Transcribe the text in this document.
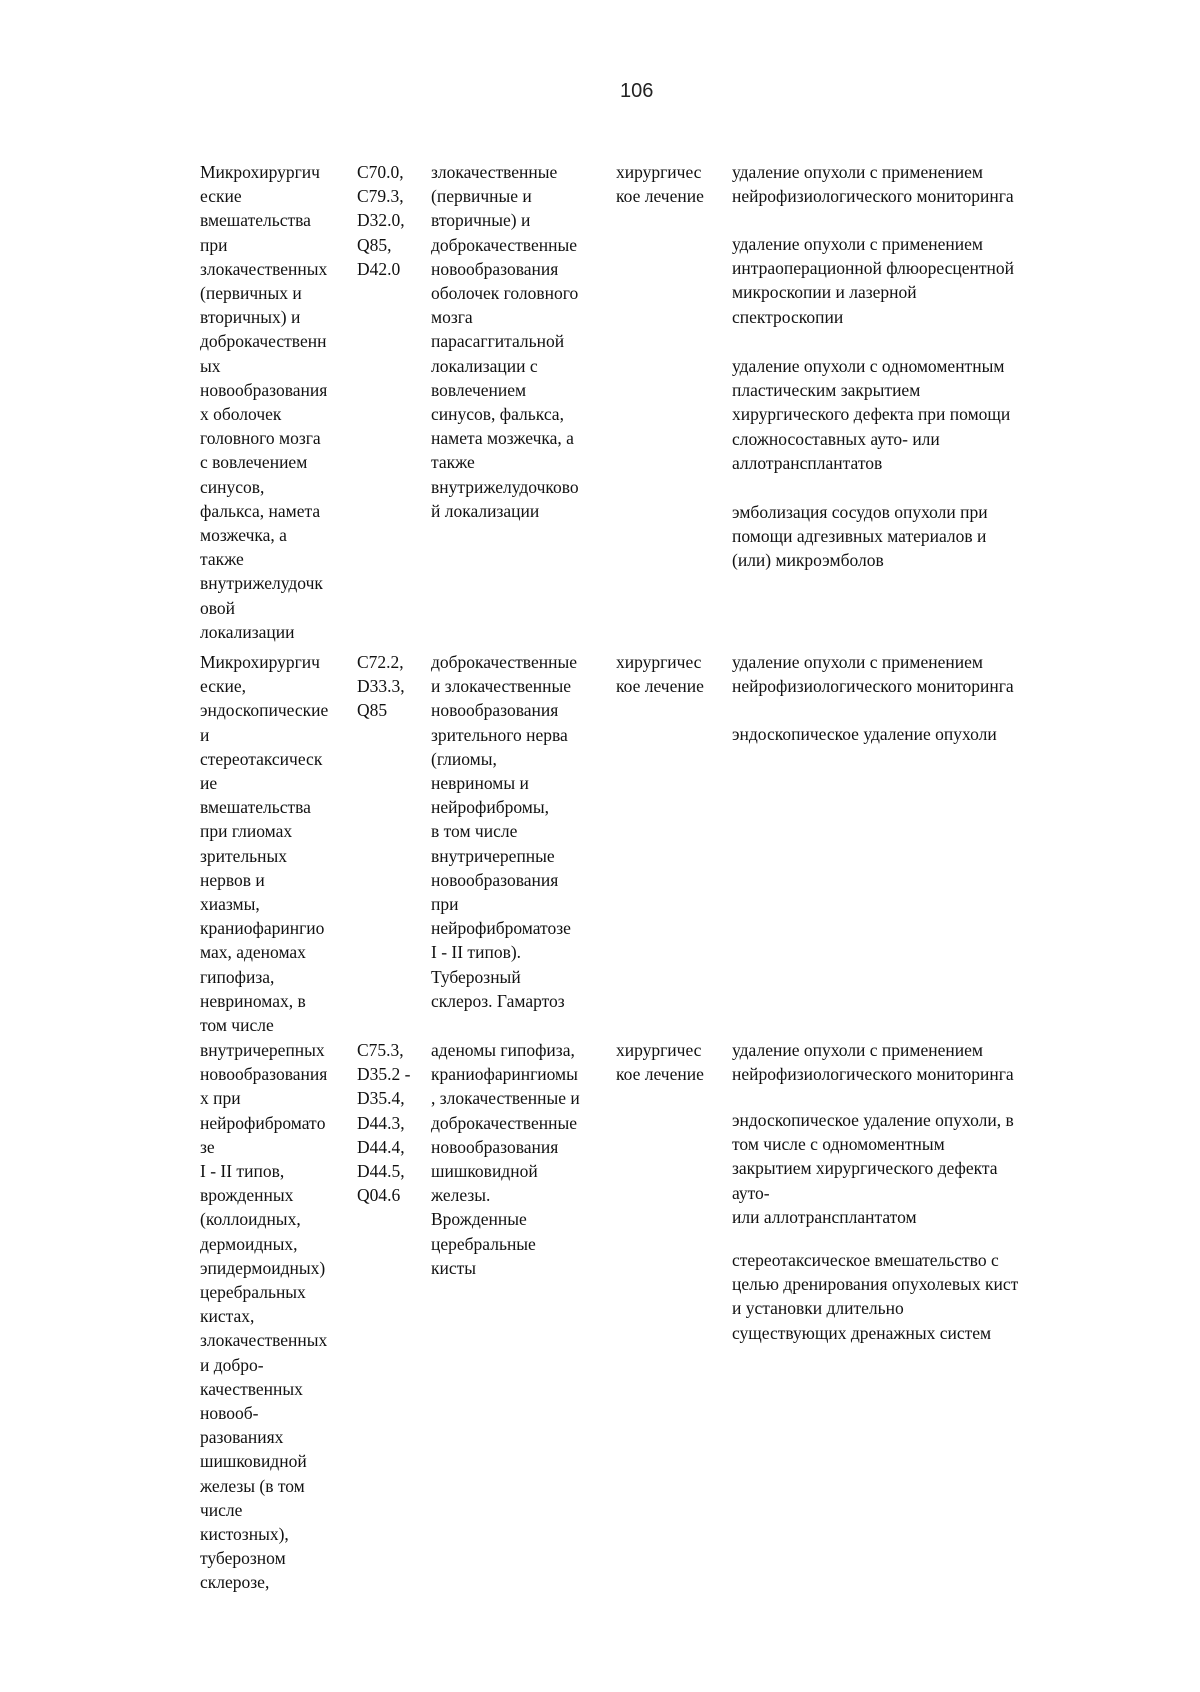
106
Микрохирургич
еские
вмешательства
при
злокачественных
(первичных и
вторичных) и
доброкачественн
ых
новообразования
х оболочек
головного мозга
с вовлечением
синусов,
фалькса, намета
мозжечка, а
также
внутрижелудочк
овой
локализации
C70.0,
C79.3,
D32.0,
Q85,
D42.0
злокачественные
(первичные и
вторичные) и
доброкачественные
новообразования
оболочек головного
мозга
парасаггитальной
локализации с
вовлечением
синусов, фалькса,
намета мозжечка, а
также
внутрижелудочково
й локализации
хирургичес
кое лечение
удаление опухоли с применением
нейрофизиологического мониторинга
удаление опухоли с применением
интраоперационной флюоресцентной
микроскопии и лазерной
спектроскопии
удаление опухоли с одномоментным
пластическим закрытием
хирургического дефекта при помощи
сложносоставных ауто- или
аллотрансплантатов
эмболизация сосудов опухоли при
помощи адгезивных материалов и
(или) микроэмболов
Микрохирургич
еские,
эндоскопические
и
стереотаксическ
ие
вмешательства
при глиомах
зрительных
нервов и
хиазмы,
краниофарингио
мах, аденомах
гипофиза,
невриномах, в
том числе
C72.2,
D33.3,
Q85
доброкачественные
и злокачественные
новообразования
зрительного нерва
(глиомы,
невриномы и
нейрофибромы,
в том числе
внутричерепные
новообразования
при
нейрофиброматозе
I - II типов).
Туберозный
склероз. Гамартоз
хирургичес
кое лечение
удаление опухоли с применением
нейрофизиологического мониторинга
эндоскопическое удаление опухоли
внутричерепных
новообразования
х при
нейрофиброматo
зе
I - II типов,
врожденных
(коллоидных,
дермоидных,
эпидермоидных)
церебральных
кистах,
злокачественных
и добро-
качественных
новооб-
разованиях
шишковидной
железы (в том
числе
кистозных),
туберозном
склерозе,
C75.3,
D35.2 -
D35.4,
D44.3,
D44.4,
D44.5,
Q04.6
аденомы гипофиза,
краниофарингиомы
, злокачественные и
доброкачественные
новообразования
шишковидной
железы.
Врожденные
церебральные
кисты
хирургичес
кое лечение
удаление опухоли с применением
нейрофизиологического мониторинга
эндоскопическое удаление опухоли, в
том числе с одномоментным
закрытием хирургического дефекта
ауто-
или аллотрансплантатом
стереотаксическое вмешательство с
целью дренирования опухолевых кист
и установки длительно
существующих дренажных систем
